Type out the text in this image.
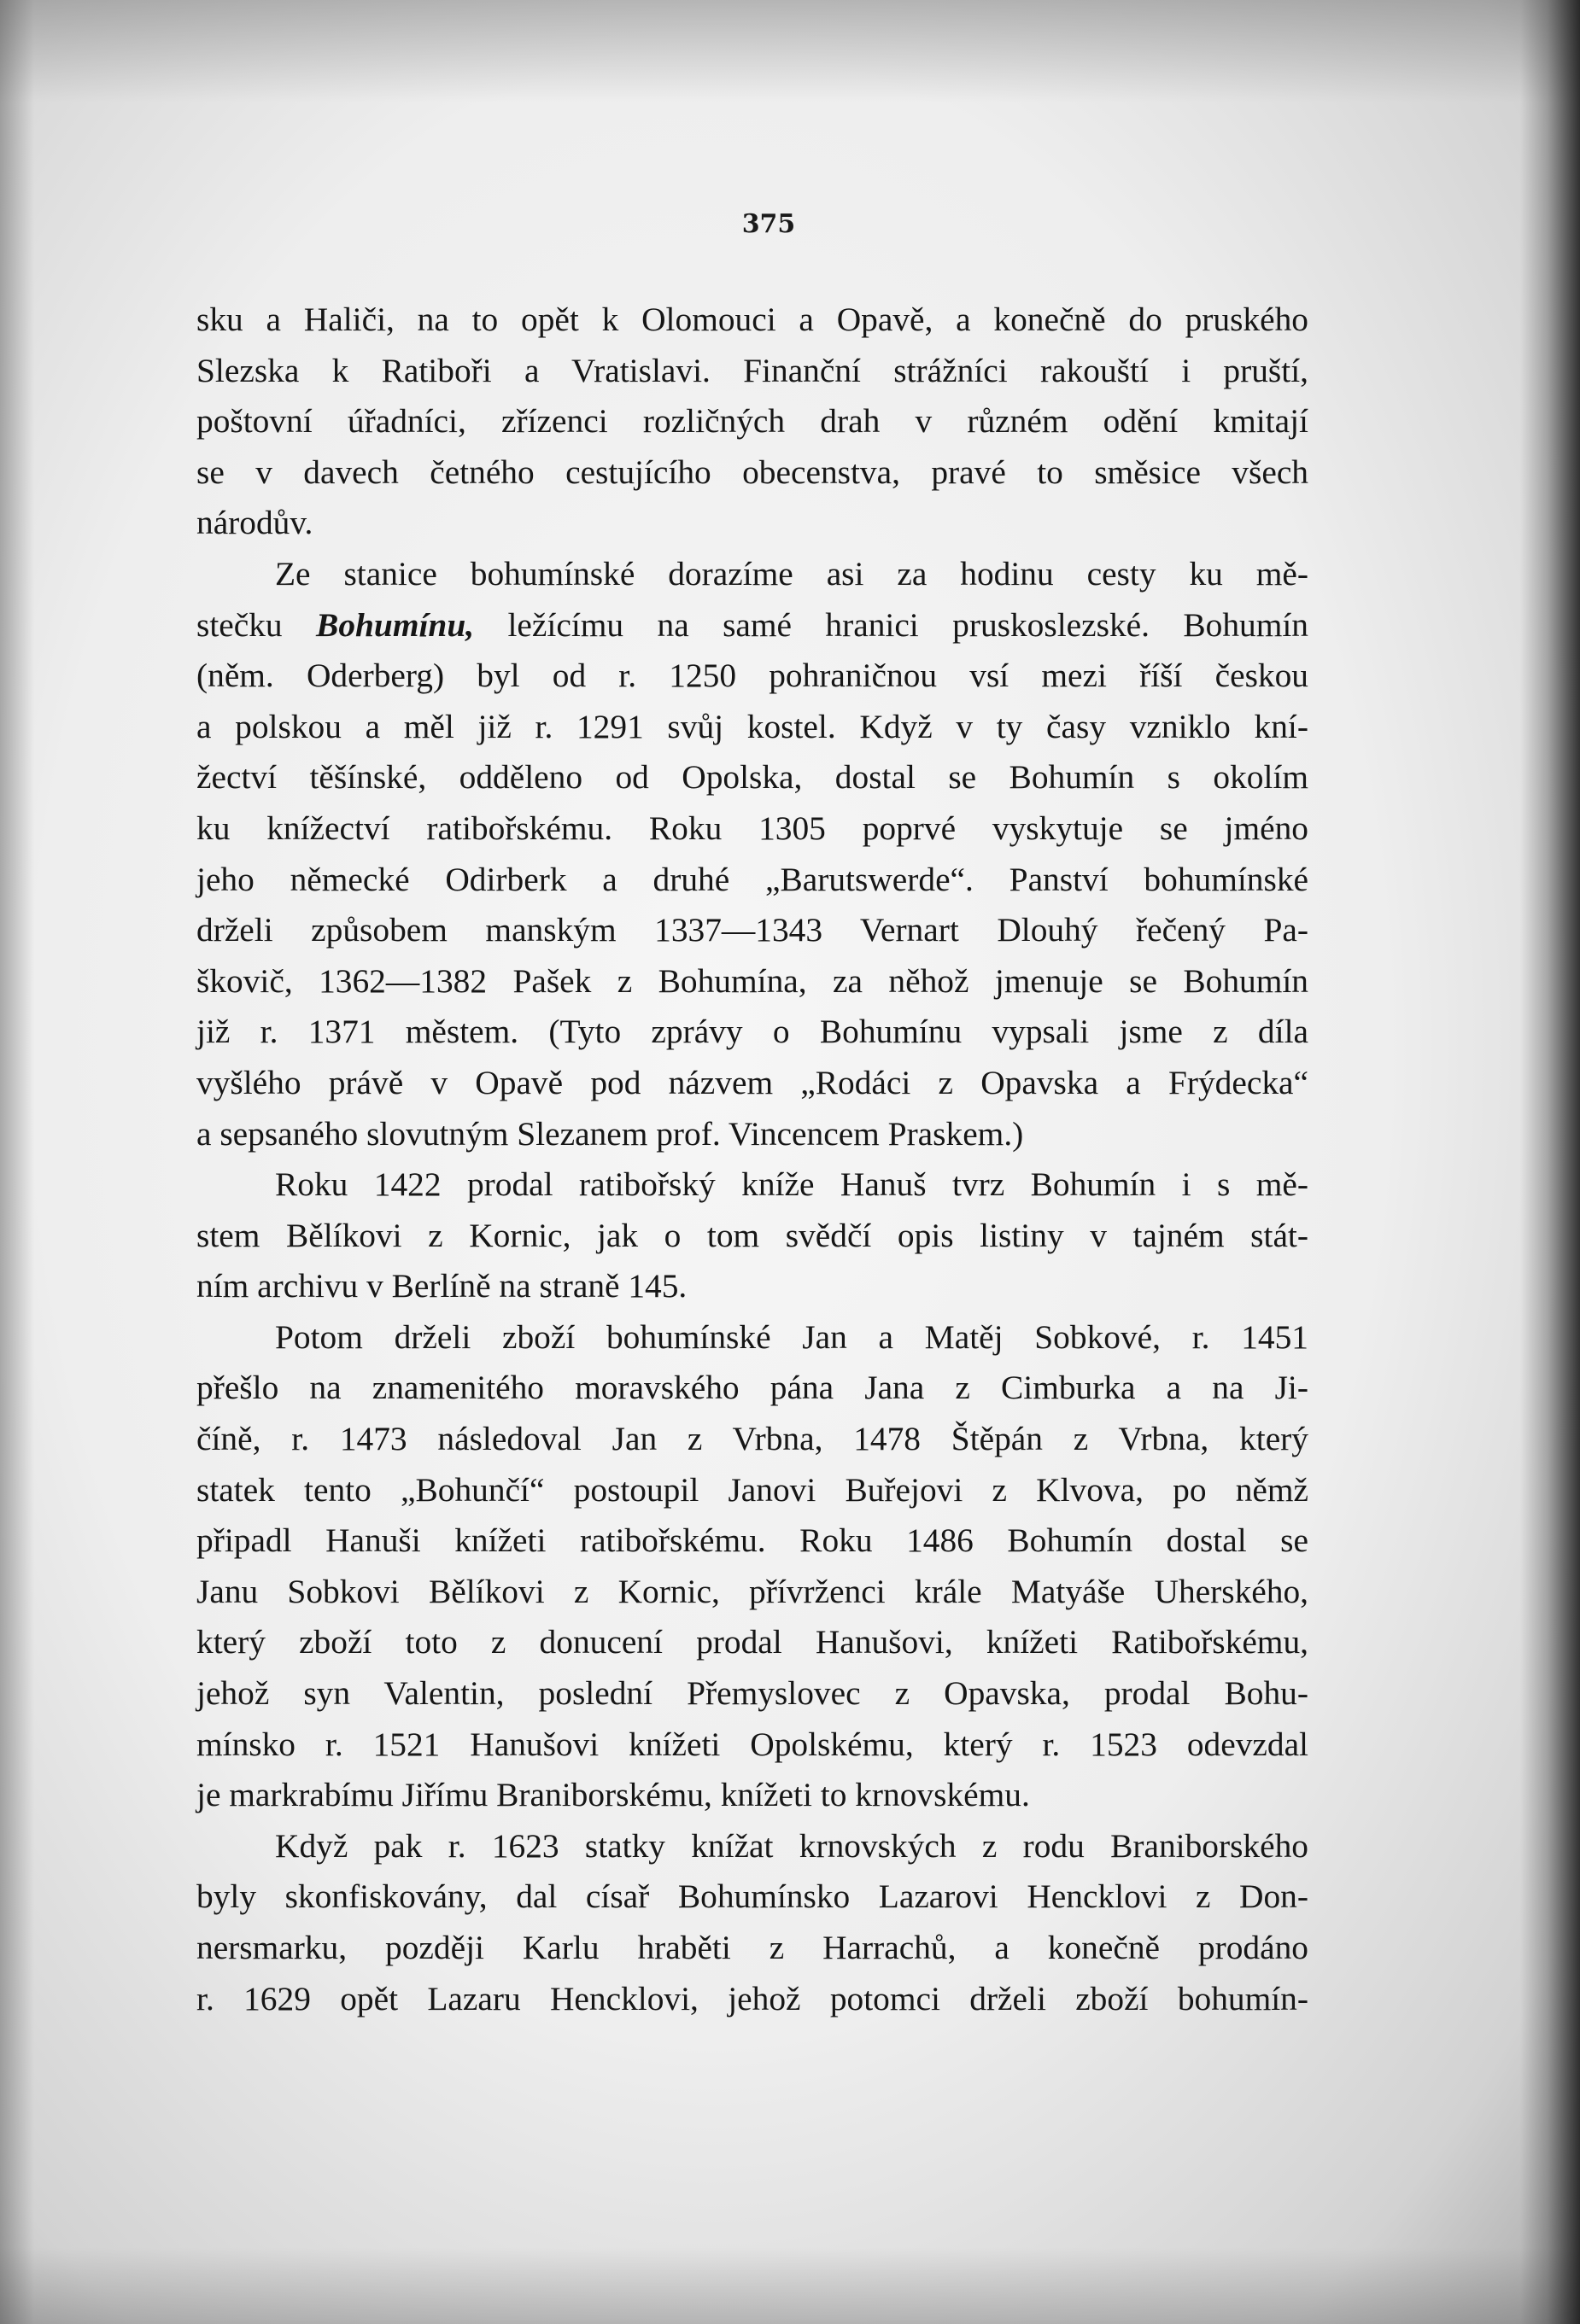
375
sku a Haliči, na to opět k Olomouci a Opavě, a konečně do pruského
Slezska k Ratiboři a Vratislavi. Finanční strážníci rakouští i pruští,
poštovní úřadníci, zřízenci rozličných drah v různém odění kmitají
se v davech četného cestujícího obecenstva, pravé to směsice všech
národův.
Ze stanice bohumínské dorazíme asi za hodinu cesty ku mě-
stečku Bohumínu, ležícímu na samé hranici pruskoslezské. Bohumín
(něm. Oderberg) byl od r. 1250 pohraničnou vsí mezi říší českou
a polskou a měl již r. 1291 svůj kostel. Když v ty časy vzniklo kní-
žectví těšínské, odděleno od Opolska, dostal se Bohumín s okolím
ku knížectví ratibořskému. Roku 1305 poprvé vyskytuje se jméno
jeho německé Odirberk a druhé „Barutswerde“. Panství bohumínské
drželi způsobem manským 1337—1343 Vernart Dlouhý řečený Pa-
škovič, 1362—1382 Pašek z Bohumína, za něhož jmenuje se Bohumín
již r. 1371 městem. (Tyto zprávy o Bohumínu vypsali jsme z díla
vyšlého právě v Opavě pod názvem „Rodáci z Opavska a Frýdecka“
a sepsaného slovutným Slezanem prof. Vincencem Praskem.)
Roku 1422 prodal ratibořský kníže Hanuš tvrz Bohumín i s mě-
stem Bělíkovi z Kornic, jak o tom svědčí opis listiny v tajném stát-
ním archivu v Berlíně na straně 145.
Potom drželi zboží bohumínské Jan a Matěj Sobkové, r. 1451
přešlo na znamenitého moravského pána Jana z Cimburka a na Ji-
číně, r. 1473 následoval Jan z Vrbna, 1478 Štěpán z Vrbna, který
statek tento „Bohunčí“ postoupil Janovi Buřejovi z Klvova, po němž
připadl Hanuši knížeti ratibořskému. Roku 1486 Bohumín dostal se
Janu Sobkovi Bělíkovi z Kornic, přívrženci krále Matyáše Uherského,
který zboží toto z donucení prodal Hanušovi, knížeti Ratibořskému,
jehož syn Valentin, poslední Přemyslovec z Opavska, prodal Bohu-
mínsko r. 1521 Hanušovi knížeti Opolskému, který r. 1523 odevzdal
je markrabímu Jiřímu Braniborskému, knížeti to krnovskému.
Když pak r. 1623 statky knížat krnovských z rodu Braniborského
byly skonfiskovány, dal císař Bohumínsko Lazarovi Hencklovi z Don-
nersmarku, později Karlu hraběti z Harrachů, a konečně prodáno
r. 1629 opět Lazaru Hencklovi, jehož potomci drželi zboží bohumín-
